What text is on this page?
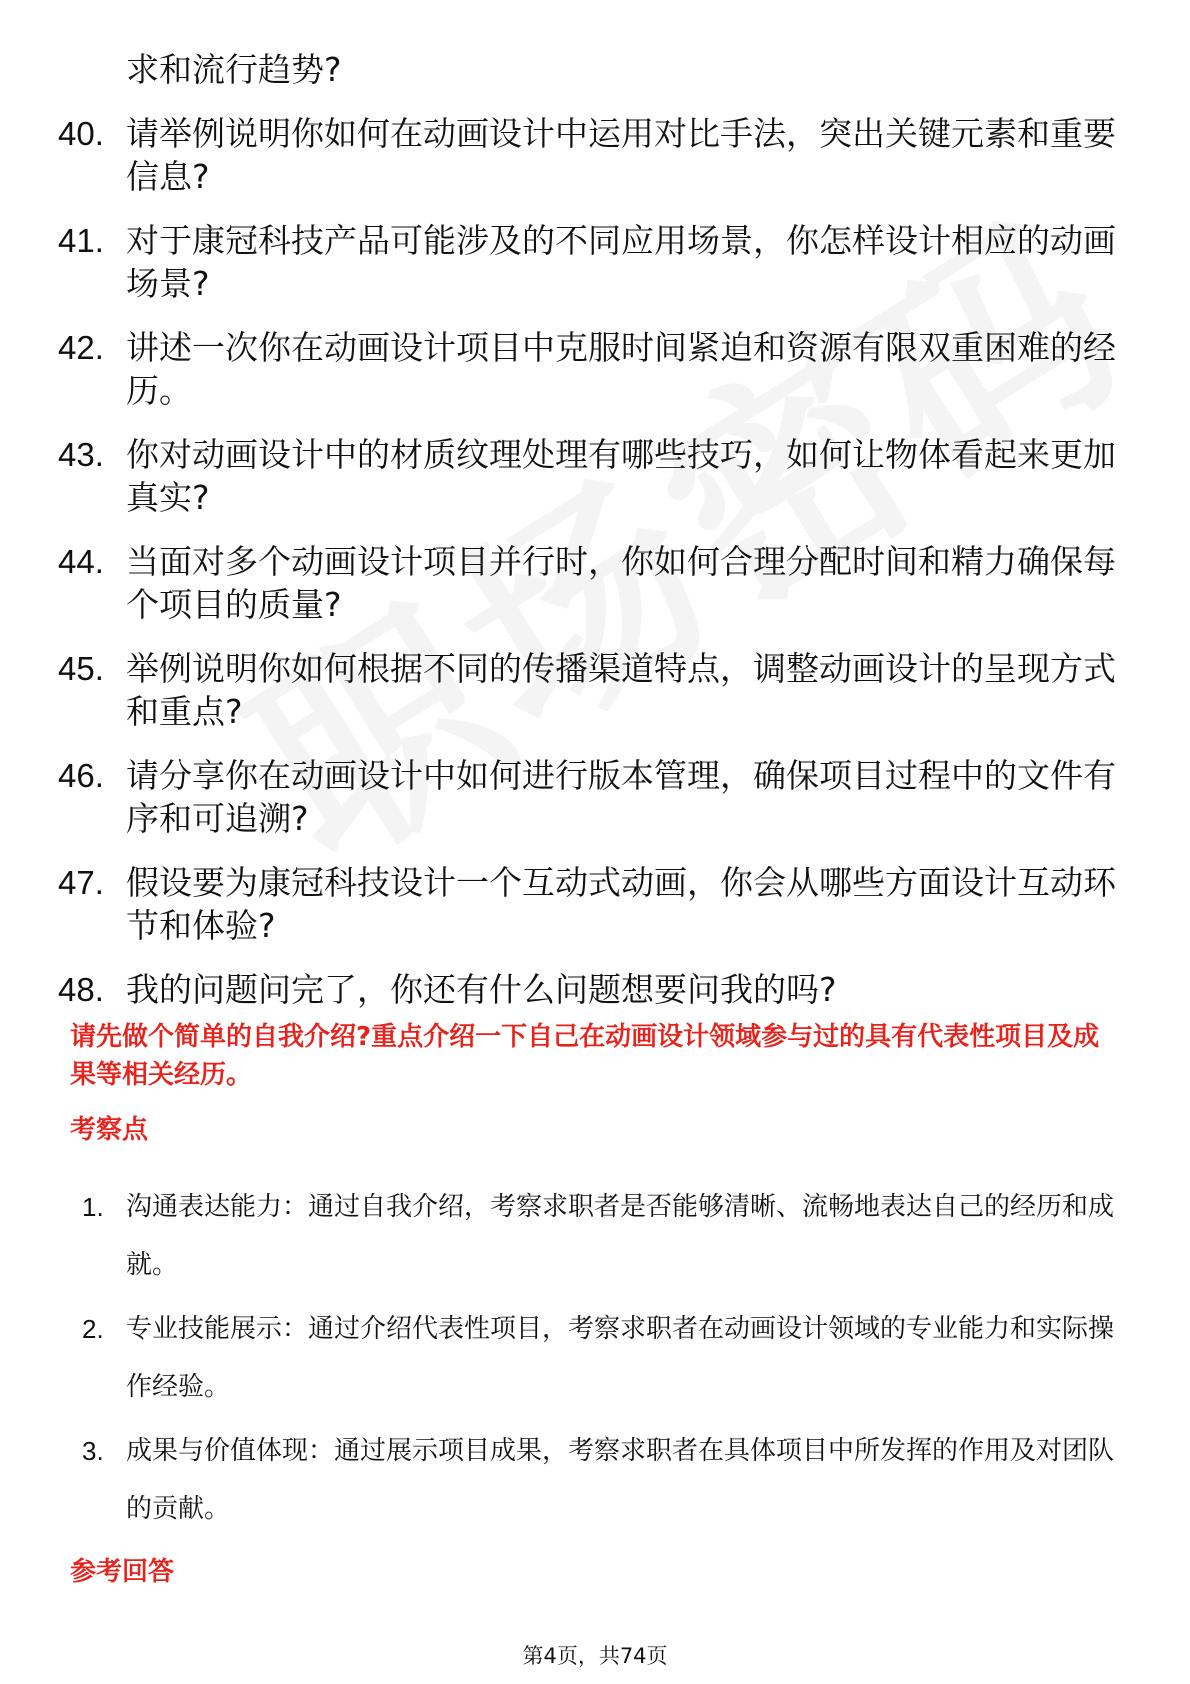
求和流行趋势?
40. 请举例说明你如何在动画设计中运用对比手法，突出关键元素和重要信息?
41. 对于康冠科技产品可能涉及的不同应用场景，你怎样设计相应的动画场景?
42. 讲述一次你在动画设计项目中克服时间紧迫和资源有限双重困难的经历。
43. 你对动画设计中的材质纹理处理有哪些技巧，如何让物体看起来更加真实?
44. 当面对多个动画设计项目并行时，你如何合理分配时间和精力确保每个项目的质量?
45. 举例说明你如何根据不同的传播渠道特点，调整动画设计的呈现方式和重点?
46. 请分享你在动画设计中如何进行版本管理，确保项目过程中的文件有序和可追溯?
47. 假设要为康冠科技设计一个互动式动画，你会从哪些方面设计互动环节和体验?
48. 我的问题问完了，你还有什么问题想要问我的吗?
请先做个简单的自我介绍?重点介绍一下自己在动画设计领域参与过的具有代表性项目及成果等相关经历。
考察点
1. 沟通表达能力：通过自我介绍，考察求职者是否能够清晰、流畅地表达自己的经历和成就。
2. 专业技能展示：通过介绍代表性项目，考察求职者在动画设计领域的专业能力和实际操作经验。
3. 成果与价值体现：通过展示项目成果，考察求职者在具体项目中所发挥的作用及对团队的贡献。
参考回答
第4页，共74页
